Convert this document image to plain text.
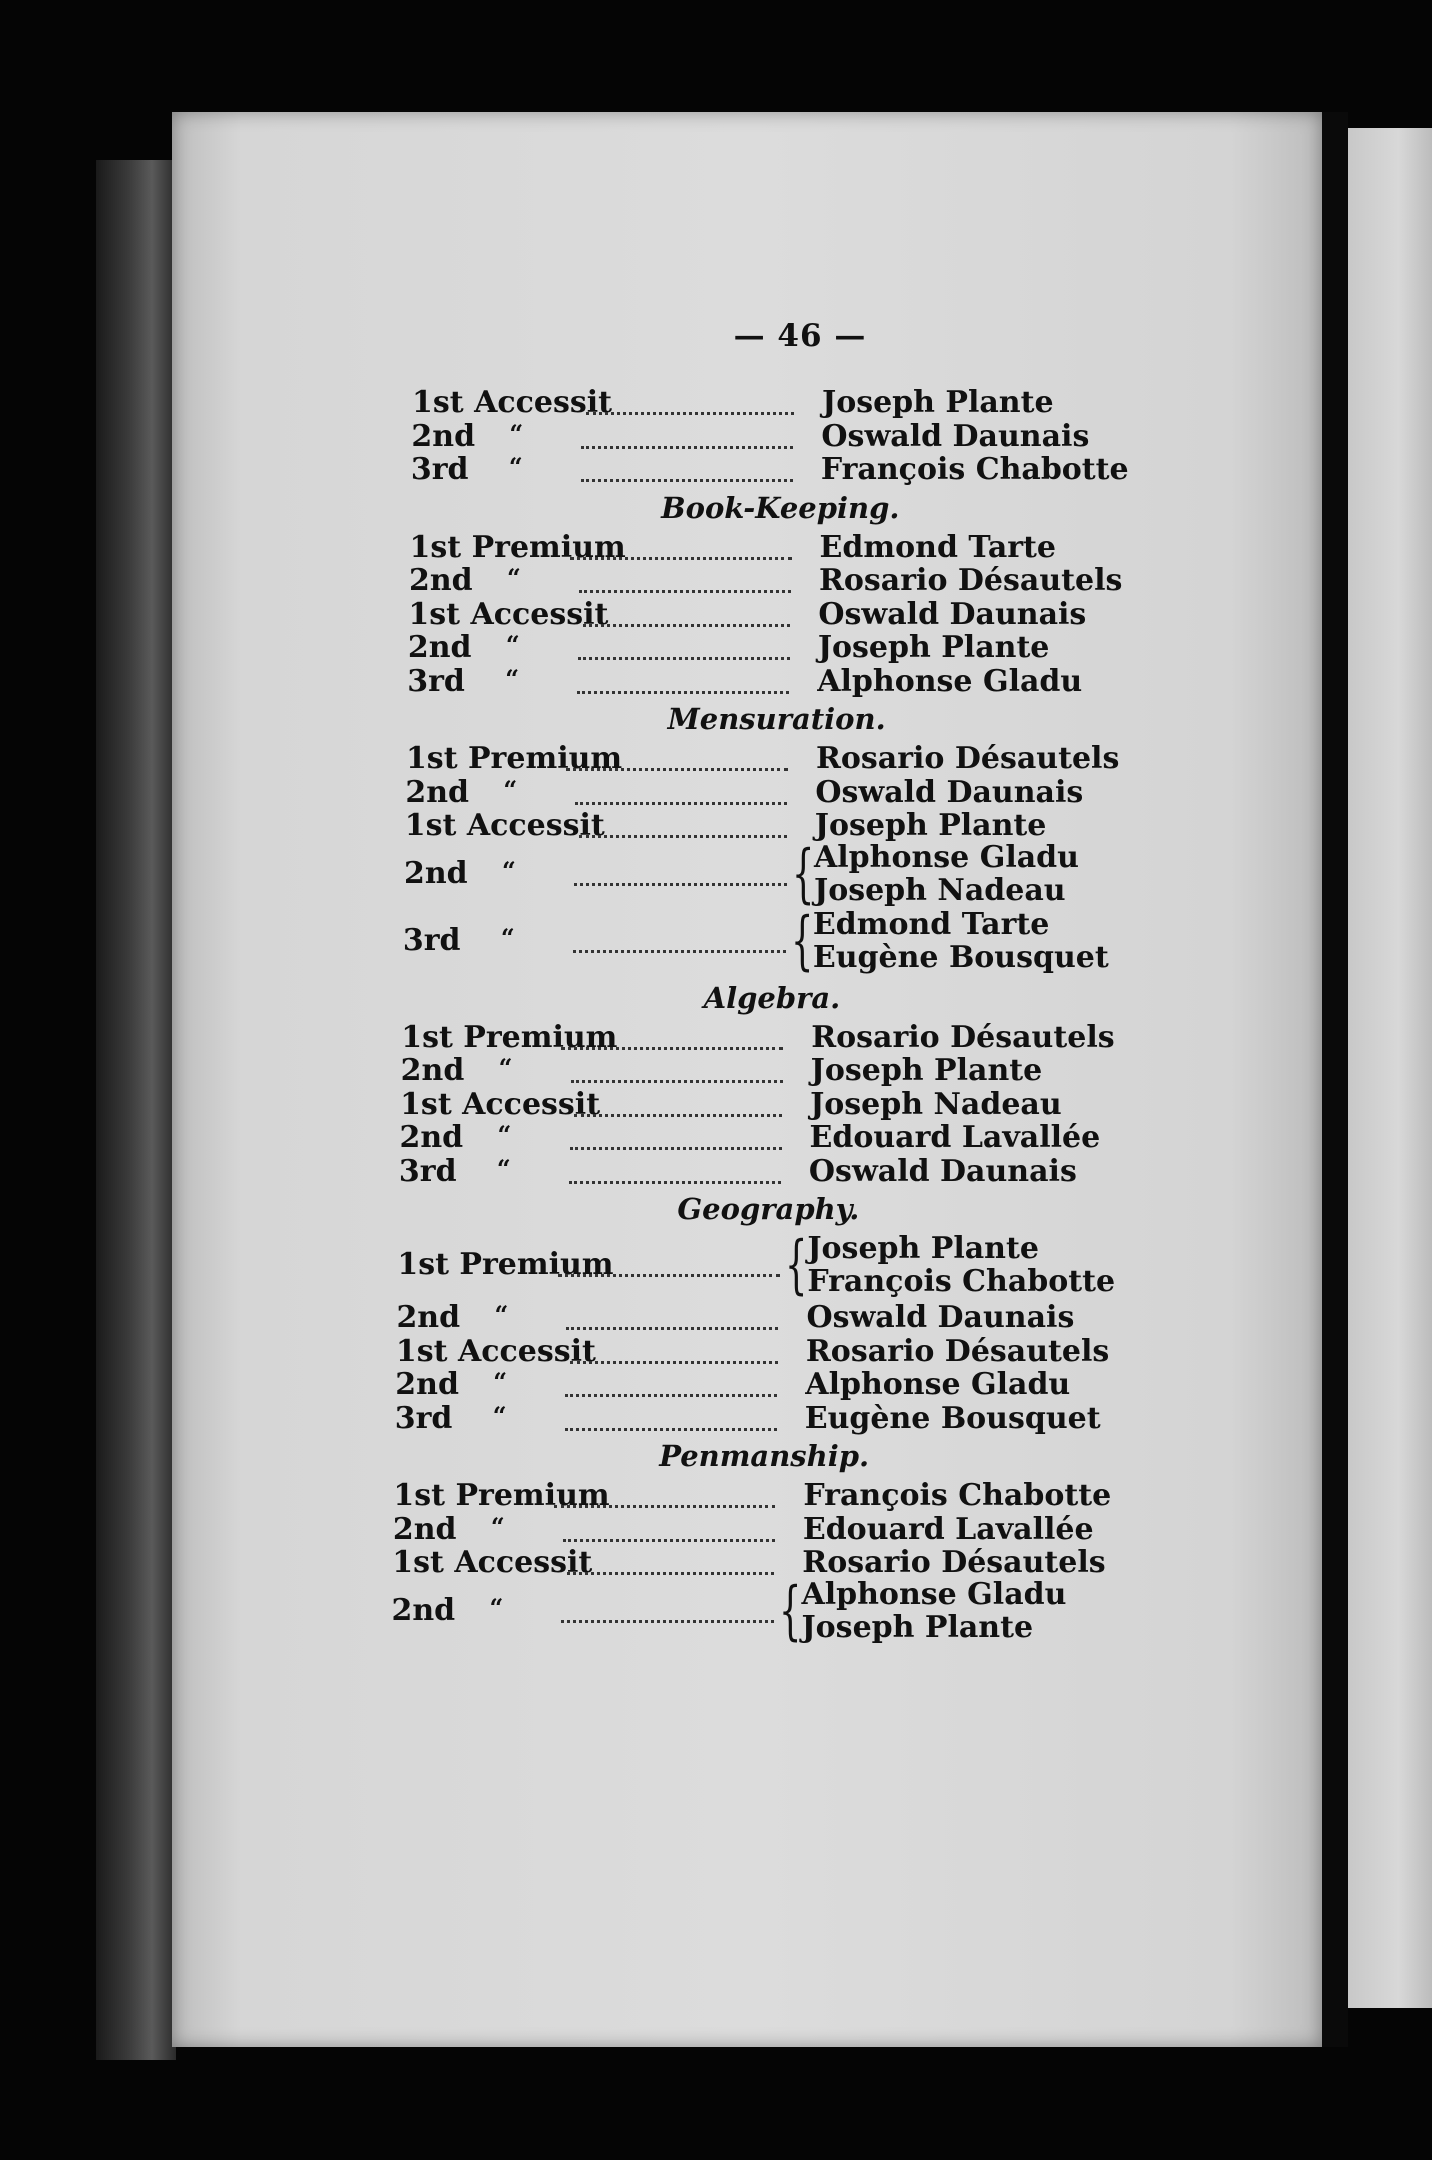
— 46 —
1st Accessit	Joseph Plante
2nd “	Oswald Daunais
3rd “	François Chabotte
Book-Keeping.
1st Premium	Edmond Tarte
2nd “	Rosario Désautels
1st Accessit	Oswald Daunais
2nd “	Joseph Plante
3rd “	Alphonse Gladu
Mensuration.
1st Premium	Rosario Désautels
2nd “	Oswald Daunais
1st Accessit	Joseph Plante
2nd “	{ Alphonse Gladu
Joseph Nadeau
3rd “	{ Edmond Tarte
Eugène Bousquet
Algebra.
1st Premium	Rosario Désautels
2nd “	Joseph Plante
1st Accessit	Joseph Nadeau
2nd “	Edouard Lavallée
3rd “	Oswald Daunais
Geography.
1st Premium	{ Joseph Plante
François Chabotte
2nd “	Oswald Daunais
1st Accessit	Rosario Désautels
2nd “	Alphonse Gladu
3rd “	Eugène Bousquet
Penmanship.
1st Premium	François Chabotte
2nd “	Edouard Lavallée
1st Accessit	Rosario Désautels
2nd “	{ Alphonse Gladu
Joseph Plante
